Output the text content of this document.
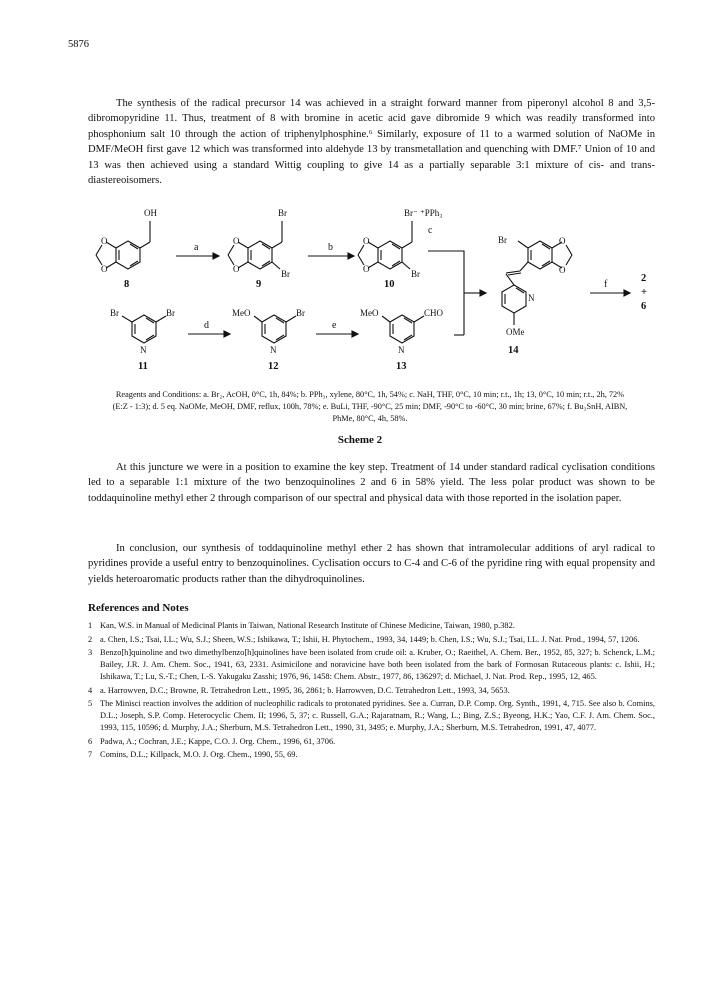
5876

The synthesis of the radical precursor 14 was achieved in a straight forward manner from piperonyl alcohol 8 and 3,5-dibromopyridine 11. Thus, treatment of 8 with bromine in acetic acid gave dibromide 9 which was readily transformed into phosphonium salt 10 through the action of triphenylphosphine.⁶ Similarly, exposure of 11 to a warmed solution of NaOMe in DMF/MeOH first gave 12 which was transformed into aldehyde 13 by transmetallation and quenching with DMF.⁷ Union of 10 and 13 was then achieved using a standard Wittig coupling to give 14 as a partially separable 3:1 mixture of cis- and trans- diastereoisomers.

O
O
OH
a
O
O
Br
Br
b
O
O
Br⁻ ⁺PPh₃
Br
c
Br	O
O
N
OMe
f
2
+
6
Br	Br
N
d
MeO	Br
N
e
MeO	CHO
N
8	9	10
11	12	13
14

Reagents and Conditions: a. Br₂, AcOH, 0°C, 1h, 84%; b. PPh₃, xylene, 80°C, 1h, 54%; c. NaH, THF, 0°C, 10 min; r.t., 1h; 13, 0°C, 10 min; r.t., 2h, 72% (E:Z - 1:3); d. 5 eq. NaOMe, MeOH, DMF, reflux, 100h, 78%; e. BuLi, THF, -90°C, 25 min; DMF, -90°C to -60°C, 30 min; brine, 67%; f. Bu₃SnH, AIBN, PhMe, 80°C, 4h, 58%.

Scheme 2

At this juncture we were in a position to examine the key step. Treatment of 14 under standard radical cyclisation conditions led to a separable 1:1 mixture of the two benzoquinolines 2 and 6 in 58% yield. The less polar product was shown to be toddaquinoline methyl ether 2 through comparison of our spectral and physical data with those reported in the isolation paper.

In conclusion, our synthesis of toddaquinoline methyl ether 2 has shown that intramolecular additions of aryl radical to pyridines provide a useful entry to benzoquinolines. Cyclisation occurs to C-4 and C-6 of the pyridine ring with equal propensity and yields heteroaromatic products rather than the dihydroquinolines.

References and Notes
1 Kan, W.S. in Manual of Medicinal Plants in Taiwan, National Research Institute of Chinese Medicine, Taiwan, 1980, p.382.
2 a. Chen, I.S.; Tsai, I.L.; Wu, S.J.; Sheen, W.S.; Ishikawa, T.; Ishii, H. Phytochem., 1993, 34, 1449; b. Chen, I.S.; Wu, S.J.; Tsai, I.L. J. Nat. Prod., 1994, 57, 1206.
3 Benzo[h]quinoline and two dimethylbenzo[h]quinolines have been isolated from crude oil: a. Kruber, O.; Raeithel, A. Chem. Ber., 1952, 85, 327; b. Schenck, L.M.; Bailey, J.R. J. Am. Chem. Soc., 1941, 63, 2331. Asimicilone and noravicine have both been isolated from the bark of Formosan Rutaceous plants: c. Ishii, H.; Ishikawa, T.; Lu, S.-T.; Chen, I.-S. Yakugaku Zasshi; 1976, 96, 1458: Chem. Abstr., 1977, 86, 136297; d. Michael, J. Nat. Prod. Rep., 1995, 12, 465.
4 a. Harrowven, D.C.; Browne, R. Tetrahedron Lett., 1995, 36, 2861; b. Harrowven, D.C. Tetrahedron Lett., 1993, 34, 5653.
5 The Minisci reaction involves the addition of nucleophilic radicals to protonated pyridines. See a. Curran, D.P. Comp. Org. Synth., 1991, 4, 715. See also b. Comins, D.L.; Joseph, S.P. Comp. Heterocyclic Chem. II; 1996, 5, 37; c. Russell, G.A.; Rajaratnam, R.; Wang, L.; Bing, Z.S.; Byeong, H.K.; Yao, C.F. J. Am. Chem. Soc., 1993, 115, 10596; d. Murphy, J.A.; Sherburn, M.S. Tetrahedron Lett., 1990, 31, 3495; e. Murphy, J.A.; Sherburn, M.S. Tetrahedron, 1991, 47, 4077.
6 Padwa, A.; Cochran, J.E.; Kappe, C.O. J. Org. Chem., 1996, 61, 3706.
7 Comins, D.L.; Killpack, M.O. J. Org. Chem., 1990, 55, 69.
